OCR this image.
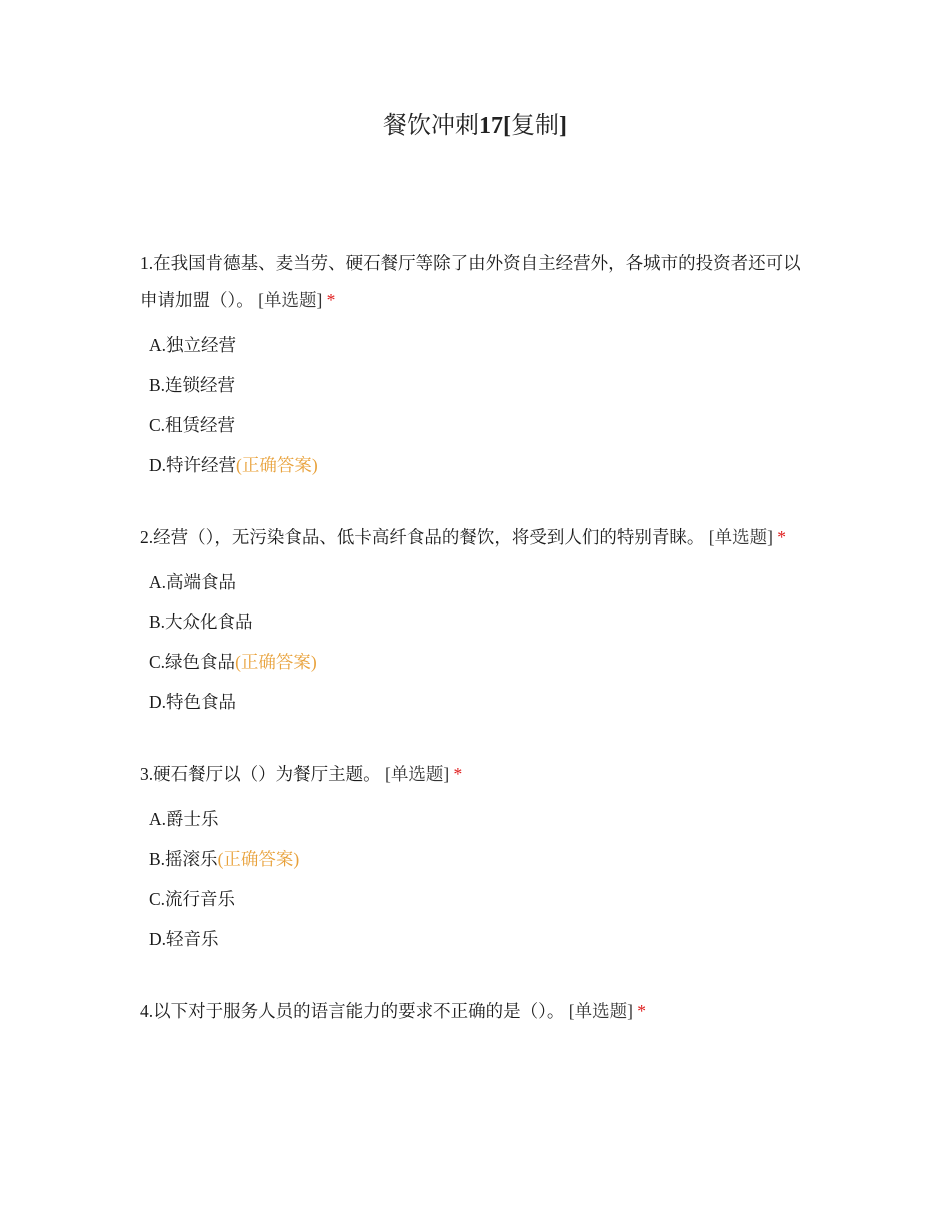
餐饮冲刺17[复制]
1.在我国肯德基、麦当劳、硬石餐厅等除了由外资自主经营外，各城市的投资者还可以申请加盟（）。 [单选题] *
A.独立经营
B.连锁经营
C.租赁经营
D.特许经营(正确答案)
2.经营（），无污染食品、低卡高纤食品的餐饮，将受到人们的特别青睐。 [单选题] *
A.高端食品
B.大众化食品
C.绿色食品(正确答案)
D.特色食品
3.硬石餐厅以（）为餐厅主题。 [单选题] *
A.爵士乐
B.摇滚乐(正确答案)
C.流行音乐
D.轻音乐
4.以下对于服务人员的语言能力的要求不正确的是（）。 [单选题] *
